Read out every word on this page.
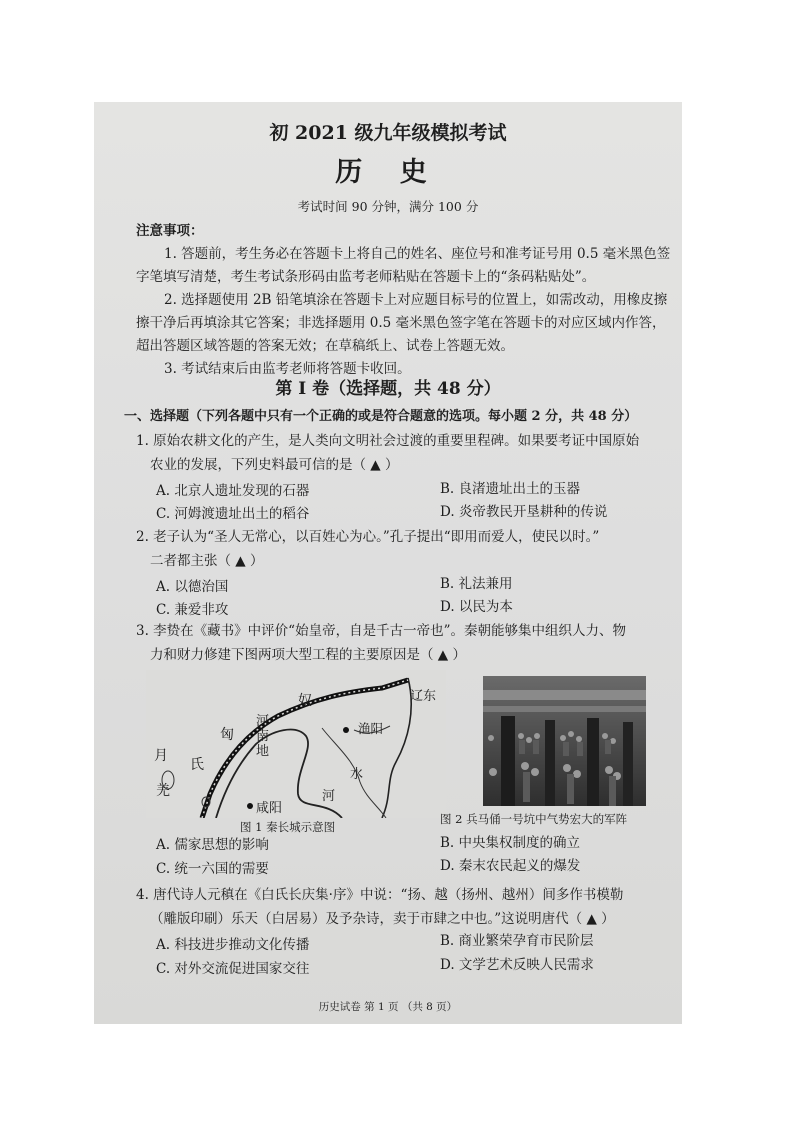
初 2021 级九年级模拟考试
历 史
考试时间 90 分钟，满分 100 分
注意事项：
1. 答题前，考生务必在答题卡上将自己的姓名、座位号和准考证号用 0.5 毫米黑色签
字笔填写清楚，考生考试条形码由监考老师粘贴在答题卡上的“条码粘贴处”。
2. 选择题使用 2B 铅笔填涂在答题卡上对应题目标号的位置上，如需改动，用橡皮擦
擦干净后再填涂其它答案；非选择题用 0.5 毫米黑色签字笔在答题卡的对应区域内作答，
超出答题区域答题的答案无效；在草稿纸上、试卷上答题无效。
3. 考试结束后由监考老师将答题卡收回。
第 I 卷（选择题，共 48 分）
一、选择题（下列各题中只有一个正确的或是符合题意的选项。每小题 2 分，共 48 分）
1. 原始农耕文化的产生，是人类向文明社会过渡的重要里程碑。如果要考证中国原始
农业的发展，下列史料最可信的是（ ▲ ）
A. 北京人遗址发现的石器	B. 良渚遗址出土的玉器
C. 河姆渡遗址出土的稻谷	D. 炎帝教民开垦耕种的传说
2. 老子认为“圣人无常心，以百姓心为心。”孔子提出“即用而爱人，使民以时。”
二者都主张（ ▲ ）
A. 以德治国	B. 礼法兼用
C. 兼爱非攻	D. 以民为本
3. 李贽在《藏书》中评价“始皇帝，自是千古一帝也”。秦朝能够集中组织人力、物
力和财力修建下图两项大型工程的主要原因是（ ▲ ）
奴	辽东
匈
河南地
渔阳
月
氏
羌
咸阳
河
水
图 1 秦长城示意图
图 2 兵马俑一号坑中气势宏大的军阵
A. 儒家思想的影响	B. 中央集权制度的确立
C. 统一六国的需要	D. 秦末农民起义的爆发
4. 唐代诗人元稹在《白氏长庆集·序》中说：“扬、越（扬州、越州）间多作书模勒
（雕版印刷）乐天（白居易）及予杂诗，卖于市肆之中也。”这说明唐代（ ▲ ）
A. 科技进步推动文化传播	B. 商业繁荣孕育市民阶层
C. 对外交流促进国家交往	D. 文学艺术反映人民需求
历史试卷 第 1 页 （共 8 页）
